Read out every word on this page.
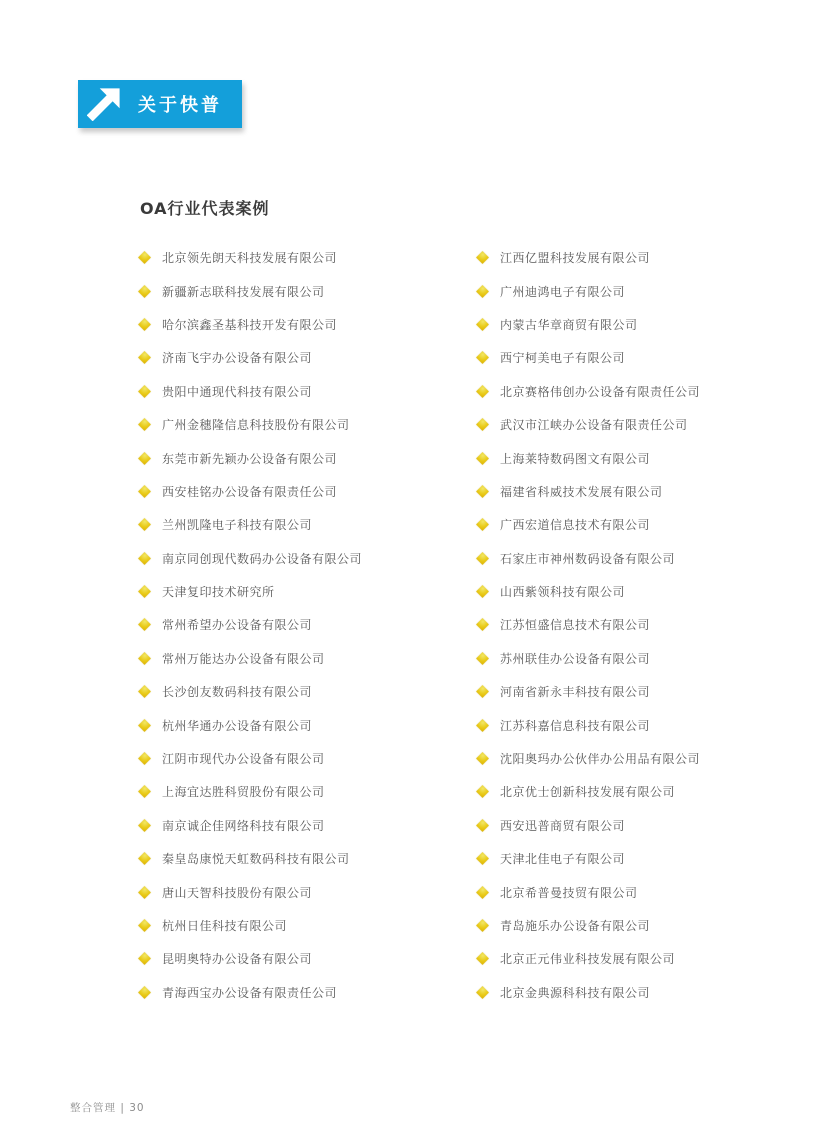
关于快普
OA行业代表案例
北京领先朗天科技发展有限公司
新疆新志联科技发展有限公司
哈尔滨鑫圣基科技开发有限公司
济南飞宇办公设备有限公司
贵阳中通现代科技有限公司
广州金穗隆信息科技股份有限公司
东莞市新先颖办公设备有限公司
西安桂铭办公设备有限责任公司
兰州凯隆电子科技有限公司
南京同创现代数码办公设备有限公司
天津复印技术研究所
常州希望办公设备有限公司
常州万能达办公设备有限公司
长沙创友数码科技有限公司
杭州华通办公设备有限公司
江阴市现代办公设备有限公司
上海宜达胜科贸股份有限公司
南京诚企佳网络科技有限公司
秦皇岛康悦天虹数码科技有限公司
唐山天智科技股份有限公司
杭州日佳科技有限公司
昆明奥特办公设备有限公司
青海西宝办公设备有限责任公司
江西亿盟科技发展有限公司
广州迪鸿电子有限公司
内蒙古华章商贸有限公司
西宁柯美电子有限公司
北京赛格伟创办公设备有限责任公司
武汉市江峡办公设备有限责任公司
上海莱特数码图文有限公司
福建省科威技术发展有限公司
广西宏道信息技术有限公司
石家庄市神州数码设备有限公司
山西紫领科技有限公司
江苏恒盛信息技术有限公司
苏州联佳办公设备有限公司
河南省新永丰科技有限公司
江苏科嘉信息科技有限公司
沈阳奥玛办公伙伴办公用品有限公司
北京优士创新科技发展有限公司
西安迅普商贸有限公司
天津北佳电子有限公司
北京希普曼技贸有限公司
青岛施乐办公设备有限公司
北京正元伟业科技发展有限公司
北京金典源科科技有限公司
整合管理 | 30
